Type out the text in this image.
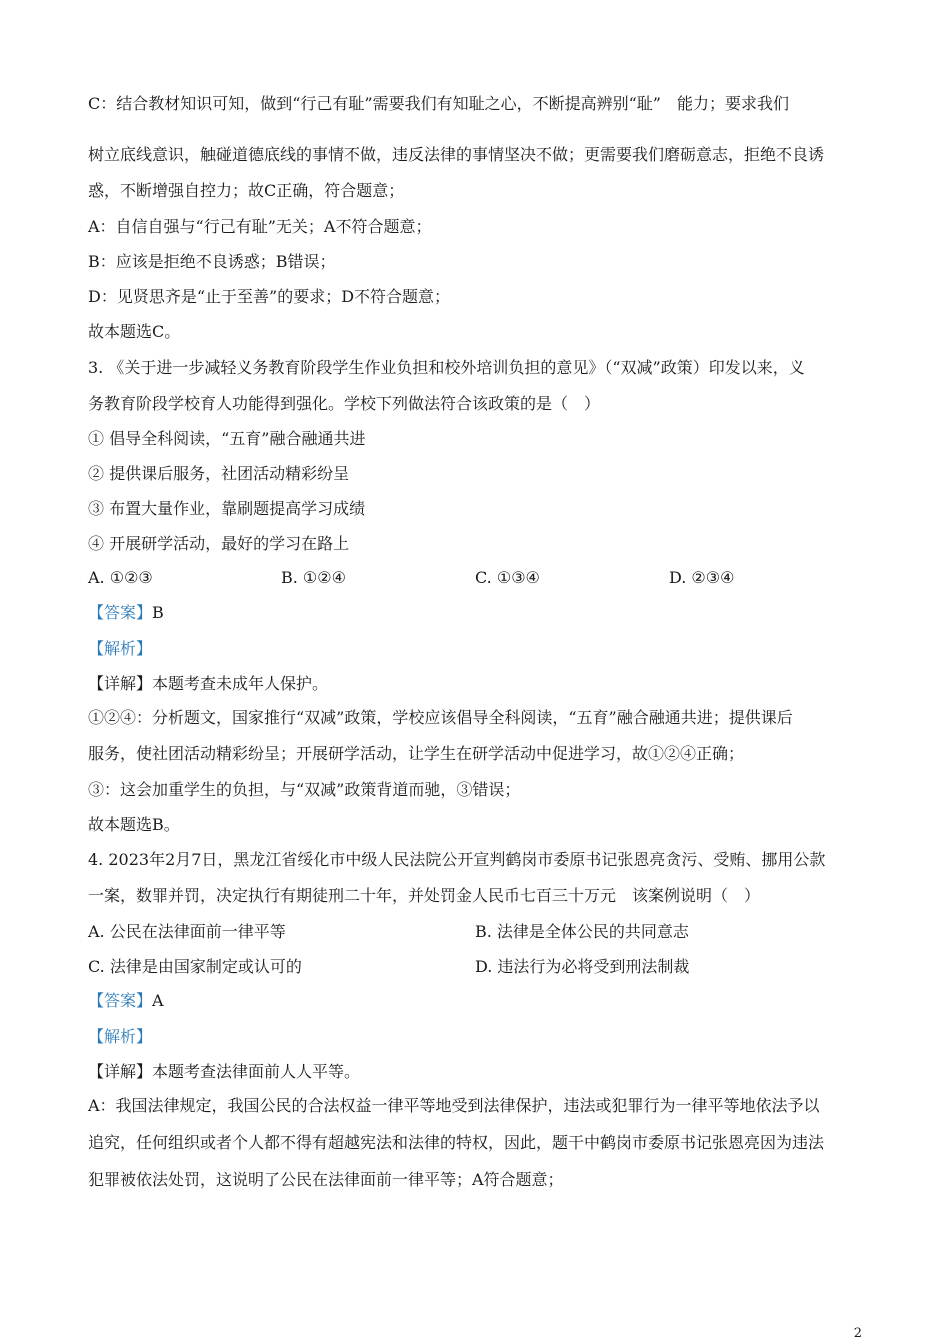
C：结合教材知识可知，做到“行己有耻”需要我们有知耻之心，不断提高辨别“耻”　能力；要求我们
树立底线意识，触碰道德底线的事情不做，违反法律的事情坚决不做；更需要我们磨砺意志，拒绝不良诱
惑，不断增强自控力；故C正确，符合题意；
A：自信自强与“行己有耻”无关；A不符合题意；
B：应该是拒绝不良诱惑；B错误；
D：见贤思齐是“止于至善”的要求；D不符合题意；
故本题选C。
3. 《关于进一步减轻义务教育阶段学生作业负担和校外培训负担的意见》（“双减”政策）印发以来，义
务教育阶段学校育人功能得到强化。学校下列做法符合该政策的是（　）
① 倡导全科阅读，“五育”融合融通共进
② 提供课后服务，社团活动精彩纷呈
③ 布置大量作业，靠刷题提高学习成绩
④ 开展研学活动，最好的学习在路上
A. ①②③	B. ①②④	C. ①③④	D. ②③④
【答案】B
【解析】
【详解】本题考查未成年人保护。
①②④：分析题文，国家推行“双减”政策，学校应该倡导全科阅读，“五育”融合融通共进；提供课后
服务，使社团活动精彩纷呈；开展研学活动，让学生在研学活动中促进学习，故①②④正确；
③：这会加重学生的负担，与“双减”政策背道而驰，③错误；
故本题选B。
4. 2023年2月7日，黑龙江省绥化市中级人民法院公开宣判鹤岗市委原书记张恩亮贪污、受贿、挪用公款
一案，数罪并罚，决定执行有期徒刑二十年，并处罚金人民币七百三十万元　该案例说明（　）
A. 公民在法律面前一律平等	B. 法律是全体公民的共同意志
C. 法律是由国家制定或认可的	D. 违法行为必将受到刑法制裁
【答案】A
【解析】
【详解】本题考查法律面前人人平等。
A：我国法律规定，我国公民的合法权益一律平等地受到法律保护，违法或犯罪行为一律平等地依法予以
追究，任何组织或者个人都不得有超越宪法和法律的特权，因此，题干中鹤岗市委原书记张恩亮因为违法
犯罪被依法处罚，这说明了公民在法律面前一律平等；A符合题意；
2
